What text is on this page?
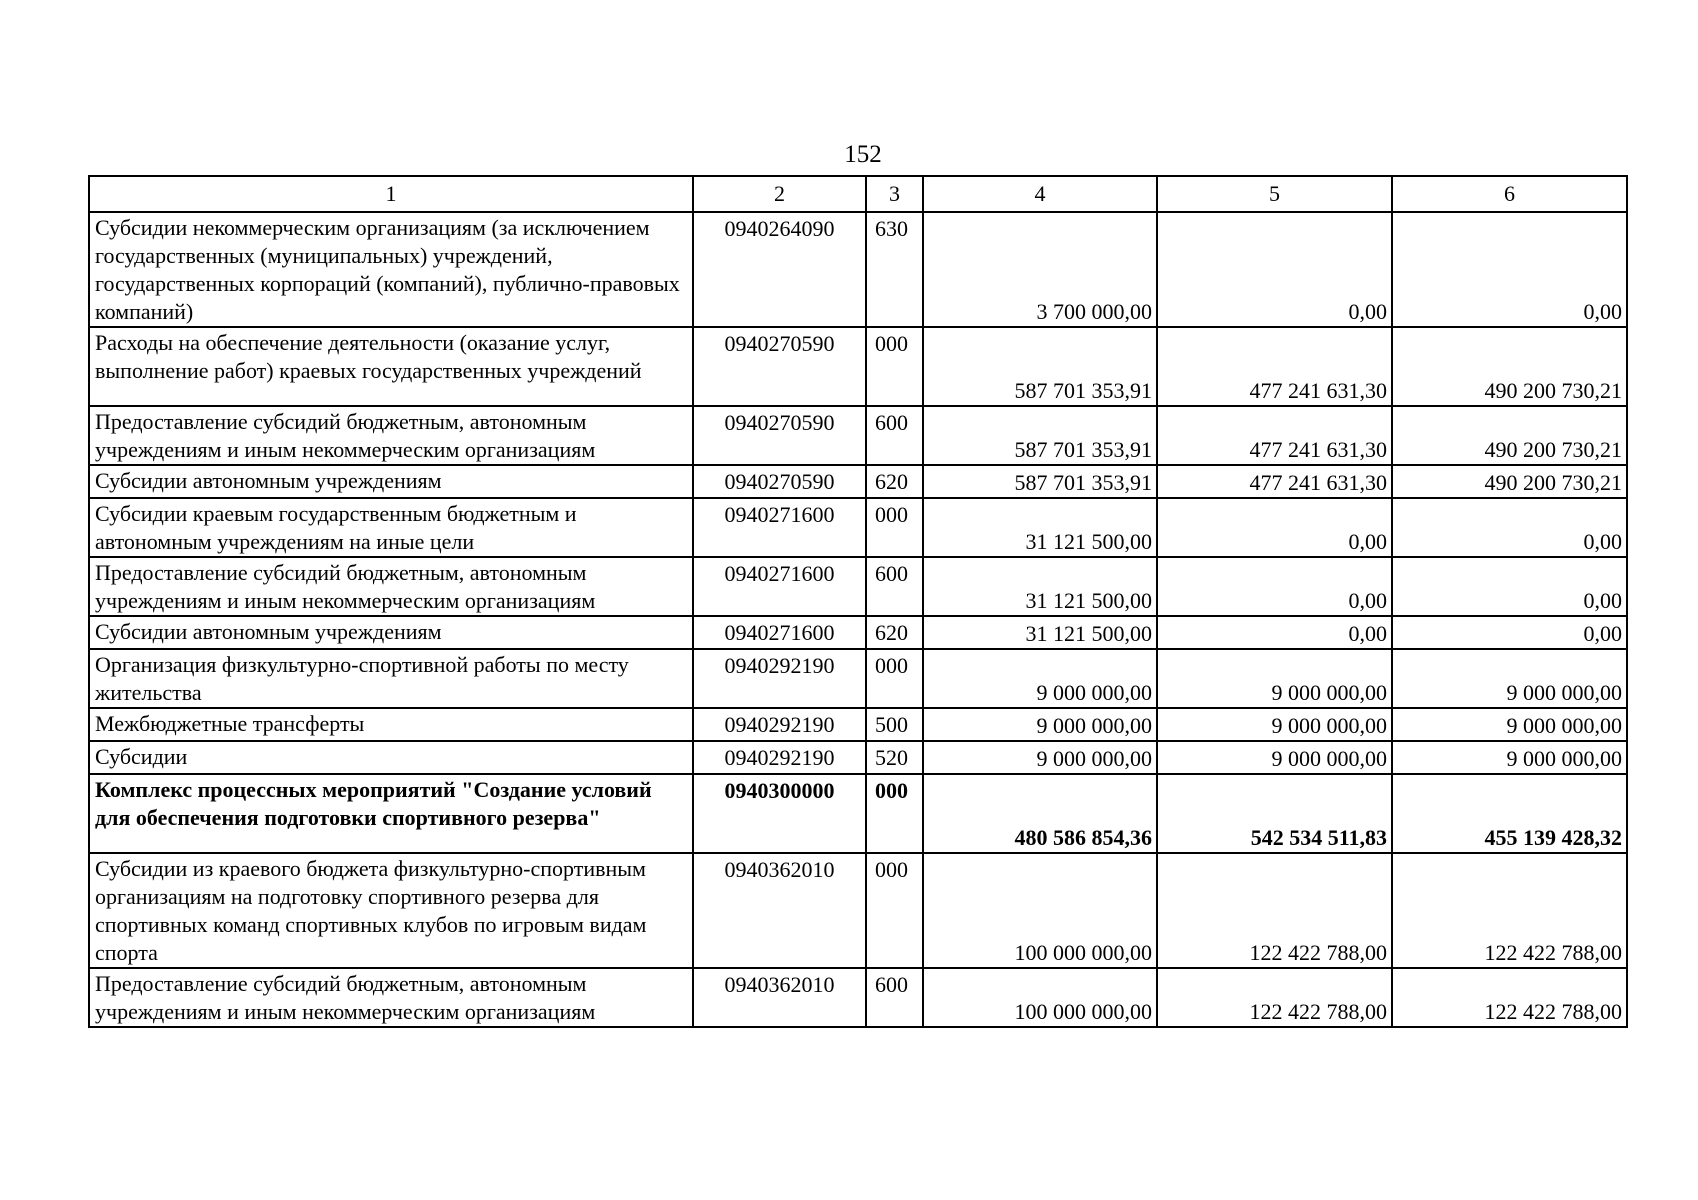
152
1	2	3	4	5	6
Субсидии некоммерческим организациям (за исключением государственных (муниципальных) учреждений, государственных корпораций (компаний), публично-правовых компаний)	0940264090	630	3 700 000,00	0,00	0,00
Расходы на обеспечение деятельности (оказание услуг, выполнение работ) краевых государственных учреждений	0940270590	000	587 701 353,91	477 241 631,30	490 200 730,21
Предоставление субсидий бюджетным, автономным учреждениям и иным некоммерческим организациям	0940270590	600	587 701 353,91	477 241 631,30	490 200 730,21
Субсидии автономным учреждениям	0940270590	620	587 701 353,91	477 241 631,30	490 200 730,21
Субсидии краевым государственным бюджетным и автономным учреждениям на иные цели	0940271600	000	31 121 500,00	0,00	0,00
Предоставление субсидий бюджетным, автономным учреждениям и иным некоммерческим организациям	0940271600	600	31 121 500,00	0,00	0,00
Субсидии автономным учреждениям	0940271600	620	31 121 500,00	0,00	0,00
Организация физкультурно-спортивной работы по месту жительства	0940292190	000	9 000 000,00	9 000 000,00	9 000 000,00
Межбюджетные трансферты	0940292190	500	9 000 000,00	9 000 000,00	9 000 000,00
Субсидии	0940292190	520	9 000 000,00	9 000 000,00	9 000 000,00
Комплекс процессных мероприятий "Создание условий для обеспечения подготовки спортивного резерва"	0940300000	000	480 586 854,36	542 534 511,83	455 139 428,32
Субсидии из краевого бюджета физкультурно-спортивным организациям на подготовку спортивного резерва для спортивных команд спортивных клубов по игровым видам спорта	0940362010	000	100 000 000,00	122 422 788,00	122 422 788,00
Предоставление субсидий бюджетным, автономным учреждениям и иным некоммерческим организациям	0940362010	600	100 000 000,00	122 422 788,00	122 422 788,00
